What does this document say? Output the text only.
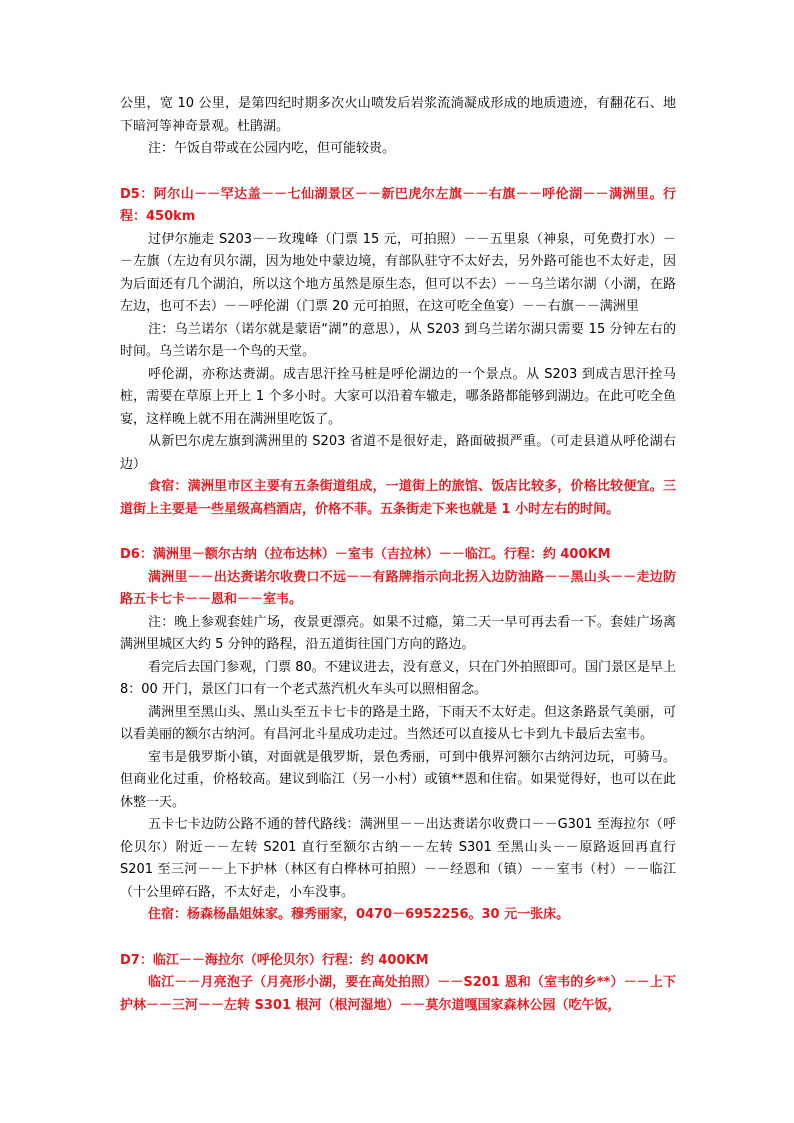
公里，宽 10 公里，是第四纪时期多次火山喷发后岩浆流淌凝成形成的地质遗迹，有翻花石、地下暗河等神奇景观。杜鹃湖。

注：午饭自带或在公园内吃，但可能较贵。

D5：阿尔山－－罕达盖－－七仙湖景区－－新巴虎尔左旗－－右旗－－呼伦湖－－满洲里。行程：450km

过伊尔施走 S203－－玫瑰峰（门票 15 元，可拍照）－－五里泉（神泉，可免费打水）－－左旗（左边有贝尔湖，因为地处中蒙边境，有部队驻守不太好去，另外路可能也不太好走，因为后面还有几个湖泊，所以这个地方虽然是原生态，但可以不去）－－乌兰诺尔湖（小湖，在路左边，也可不去）－－呼伦湖（门票 20 元可拍照，在这可吃全鱼宴）－－右旗－－满洲里

注：乌兰诺尔（诺尔就是蒙语“湖”的意思），从 S203 到乌兰诺尔湖只需要 15 分钟左右的时间。乌兰诺尔是一个鸟的天堂。

呼伦湖，亦称达赉湖。成吉思汗拴马桩是呼伦湖边的一个景点。从 S203 到成吉思汗拴马桩，需要在草原上开上 1 个多小时。大家可以沿着车辙走，哪条路都能够到湖边。在此可吃全鱼宴，这样晚上就不用在满洲里吃饭了。

从新巴尔虎左旗到满洲里的 S203 省道不是很好走，路面破损严重。（可走县道从呼伦湖右边）

食宿：满洲里市区主要有五条街道组成，一道街上的旅馆、饭店比较多，价格比较便宜。三道街上主要是一些星级高档酒店，价格不菲。五条街走下来也就是 1 小时左右的时间。

D6：满洲里－额尔古纳（拉布达林）－室韦（吉拉林）－－临江。行程：约 400KM

满洲里－－出达赉诺尔收费口不远－－有路牌指示向北拐入边防油路－－黑山头－－走边防路五卡七卡－－恩和－－室韦。

注：晚上参观套娃广场，夜景更漂亮。如果不过瘾，第二天一早可再去看一下。套娃广场离满洲里城区大约 5 分钟的路程，沿五道街往国门方向的路边。

看完后去国门参观，门票 80。不建议进去，没有意义，只在门外拍照即可。国门景区是早上 8：00 开门，景区门口有一个老式蒸汽机火车头可以照相留念。

满洲里至黑山头、黑山头至五卡七卡的路是土路，下雨天不太好走。但这条路景气美丽，可以看美丽的额尔古纳河。有昌河北斗星成功走过。当然还可以直接从七卡到九卡最后去室韦。

室韦是俄罗斯小镇，对面就是俄罗斯，景色秀丽，可到中俄界河额尔古纳河边玩，可骑马。但商业化过重，价格较高。建议到临江（另一小村）或镇**恩和住宿。如果觉得好，也可以在此休整一天。

五卡七卡边防公路不通的替代路线：满洲里－－出达赉诺尔收费口－－G301 至海拉尔（呼伦贝尔）附近－－左转 S201 直行至额尔古纳－－左转 S301 至黑山头－－原路返回再直行 S201 至三河－－上下护林（林区有白桦林可拍照）－－经恩和（镇）－－室韦（村）－－临江（十公里碎石路，不太好走，小车没事。

住宿：杨森杨晶姐妹家。穆秀丽家，0470－6952256。30 元一张床。

D7：临江－－海拉尔（呼伦贝尔）行程：约 400KM

临江－－月亮泡子（月亮形小湖，要在高处拍照）－－S201 恩和（室韦的乡**）－－上下护林－－三河－－左转 S301 根河（根河湿地）－－莫尔道嘎国家森林公园（吃午饭，
